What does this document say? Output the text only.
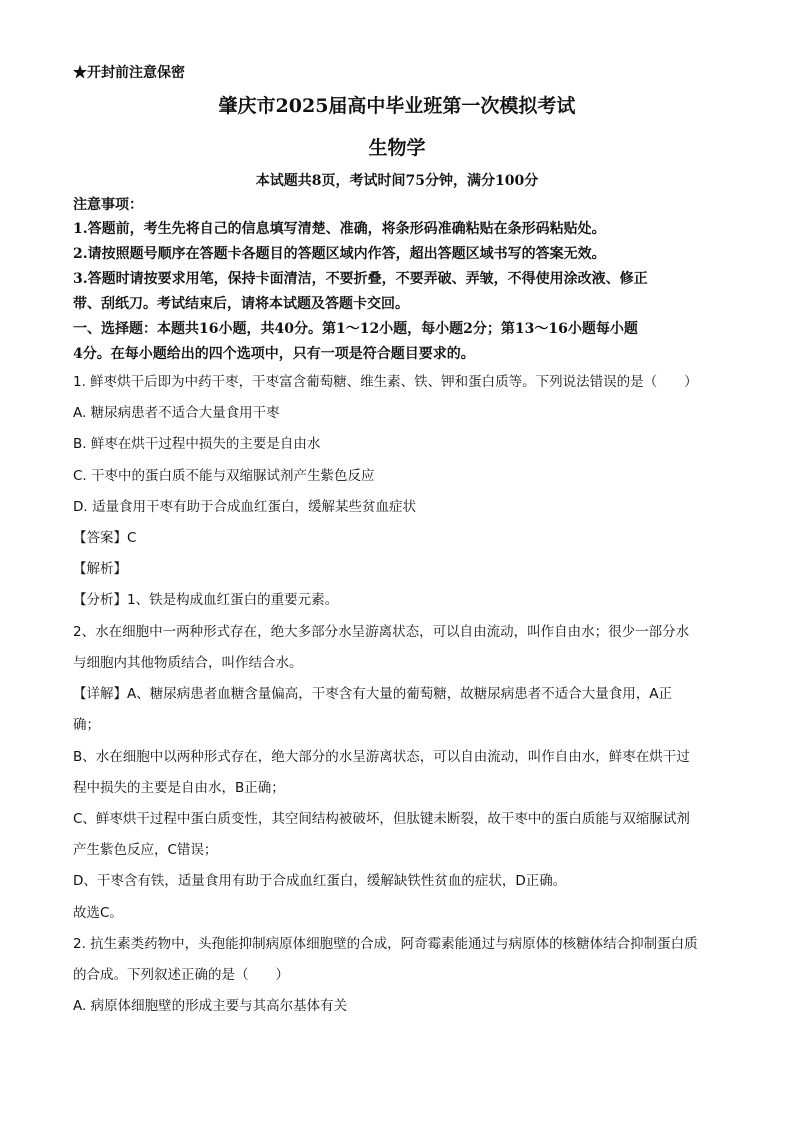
★开封前注意保密
肇庆市2025届高中毕业班第一次模拟考试
生物学
本试题共8页，考试时间75分钟，满分100分
注意事项：
1.答题前，考生先将自己的信息填写清楚、准确，将条形码准确粘贴在条形码粘贴处。
2.请按照题号顺序在答题卡各题目的答题区域内作答，超出答题区域书写的答案无效。
3.答题时请按要求用笔，保持卡面清洁，不要折叠，不要弄破、弄皱，不得使用涂改液、修正
带、刮纸刀。考试结束后，请将本试题及答题卡交回。
一、选择题：本题共16小题，共40分。第1～12小题，每小题2分；第13～16小题每小题
4分。在每小题给出的四个选项中，只有一项是符合题目要求的。
1. 鲜枣烘干后即为中药干枣，干枣富含葡萄糖、维生素、铁、钾和蛋白质等。下列说法错误的是（　　）
A. 糖尿病患者不适合大量食用干枣
B. 鲜枣在烘干过程中损失的主要是自由水
C. 干枣中的蛋白质不能与双缩脲试剂产生紫色反应
D. 适量食用干枣有助于合成血红蛋白，缓解某些贫血症状
【答案】C
【解析】
【分析】1、铁是构成血红蛋白的重要元素。
2、水在细胞中一两种形式存在，绝大多部分水呈游离状态，可以自由流动，叫作自由水；很少一部分水
与细胞内其他物质结合，叫作结合水。
【详解】A、糖尿病患者血糖含量偏高，干枣含有大量的葡萄糖，故糖尿病患者不适合大量食用，A正
确；
B、水在细胞中以两种形式存在，绝大部分的水呈游离状态，可以自由流动，叫作自由水，鲜枣在烘干过
程中损失的主要是自由水，B正确；
C、鲜枣烘干过程中蛋白质变性，其空间结构被破坏，但肽键未断裂，故干枣中的蛋白质能与双缩脲试剂
产生紫色反应，C错误；
D、干枣含有铁，适量食用有助于合成血红蛋白，缓解缺铁性贫血的症状，D正确。
故选C。
2. 抗生素类药物中，头孢能抑制病原体细胞壁的合成，阿奇霉素能通过与病原体的核糖体结合抑制蛋白质
的合成。下列叙述正确的是（　　）
A. 病原体细胞壁的形成主要与其高尔基体有关
